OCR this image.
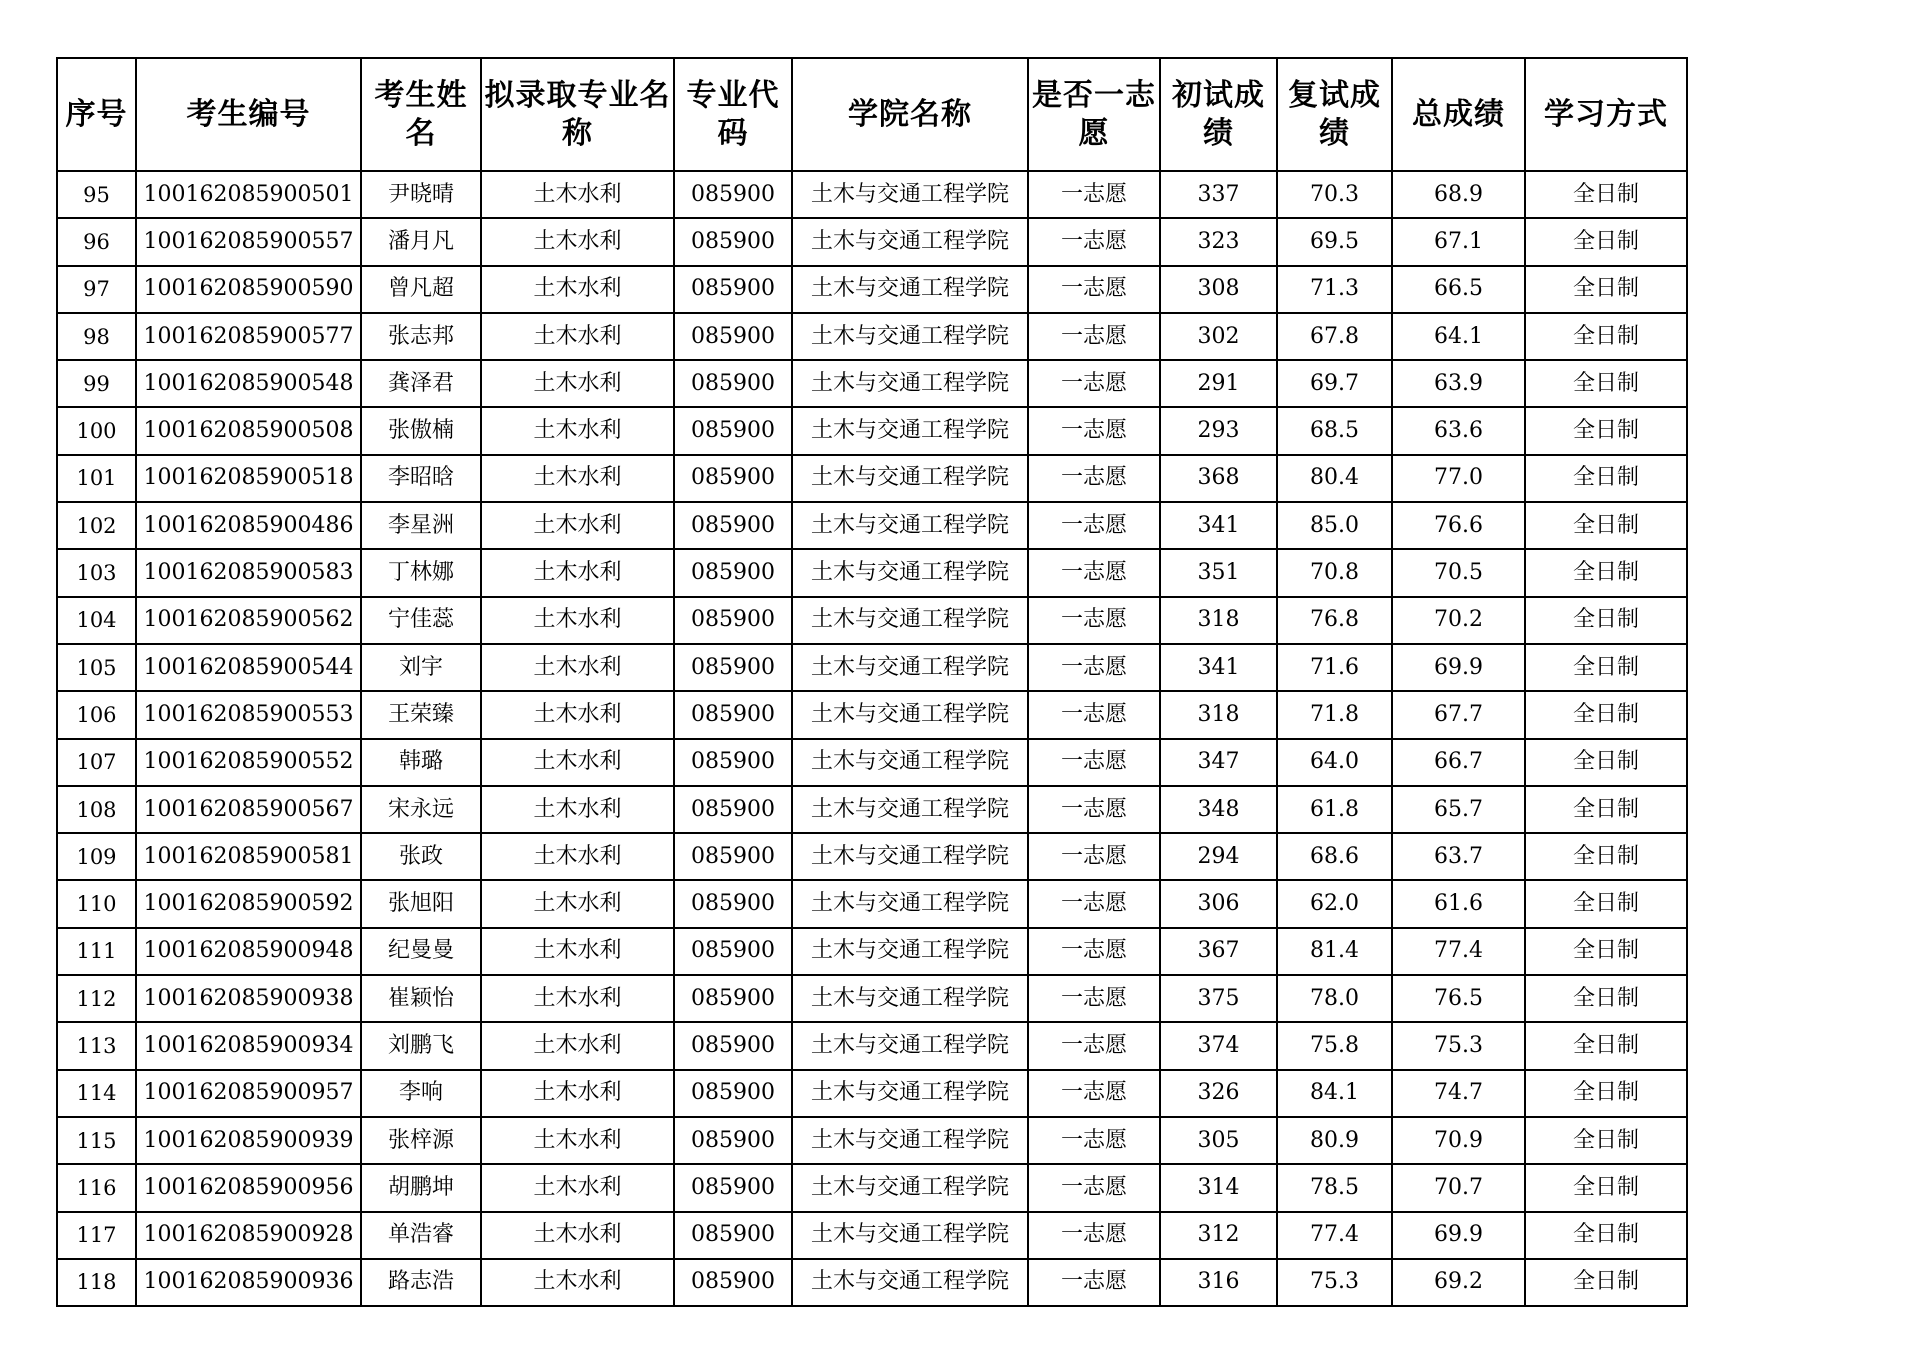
序号	考生编号	考生姓名	拟录取专业名称	专业代码	学院名称	是否一志愿	初试成绩	复试成绩	总成绩	学习方式
95	100162085900501	尹晓晴	土木水利	085900	土木与交通工程学院	一志愿	337	70.3	68.9	全日制
96	100162085900557	潘月凡	土木水利	085900	土木与交通工程学院	一志愿	323	69.5	67.1	全日制
97	100162085900590	曾凡超	土木水利	085900	土木与交通工程学院	一志愿	308	71.3	66.5	全日制
98	100162085900577	张志邦	土木水利	085900	土木与交通工程学院	一志愿	302	67.8	64.1	全日制
99	100162085900548	龚泽君	土木水利	085900	土木与交通工程学院	一志愿	291	69.7	63.9	全日制
100	100162085900508	张傲楠	土木水利	085900	土木与交通工程学院	一志愿	293	68.5	63.6	全日制
101	100162085900518	李昭晗	土木水利	085900	土木与交通工程学院	一志愿	368	80.4	77.0	全日制
102	100162085900486	李星洲	土木水利	085900	土木与交通工程学院	一志愿	341	85.0	76.6	全日制
103	100162085900583	丁林娜	土木水利	085900	土木与交通工程学院	一志愿	351	70.8	70.5	全日制
104	100162085900562	宁佳蕊	土木水利	085900	土木与交通工程学院	一志愿	318	76.8	70.2	全日制
105	100162085900544	刘宇	土木水利	085900	土木与交通工程学院	一志愿	341	71.6	69.9	全日制
106	100162085900553	王荣臻	土木水利	085900	土木与交通工程学院	一志愿	318	71.8	67.7	全日制
107	100162085900552	韩璐	土木水利	085900	土木与交通工程学院	一志愿	347	64.0	66.7	全日制
108	100162085900567	宋永远	土木水利	085900	土木与交通工程学院	一志愿	348	61.8	65.7	全日制
109	100162085900581	张政	土木水利	085900	土木与交通工程学院	一志愿	294	68.6	63.7	全日制
110	100162085900592	张旭阳	土木水利	085900	土木与交通工程学院	一志愿	306	62.0	61.6	全日制
111	100162085900948	纪曼曼	土木水利	085900	土木与交通工程学院	一志愿	367	81.4	77.4	全日制
112	100162085900938	崔颖怡	土木水利	085900	土木与交通工程学院	一志愿	375	78.0	76.5	全日制
113	100162085900934	刘鹏飞	土木水利	085900	土木与交通工程学院	一志愿	374	75.8	75.3	全日制
114	100162085900957	李响	土木水利	085900	土木与交通工程学院	一志愿	326	84.1	74.7	全日制
115	100162085900939	张梓源	土木水利	085900	土木与交通工程学院	一志愿	305	80.9	70.9	全日制
116	100162085900956	胡鹏坤	土木水利	085900	土木与交通工程学院	一志愿	314	78.5	70.7	全日制
117	100162085900928	单浩睿	土木水利	085900	土木与交通工程学院	一志愿	312	77.4	69.9	全日制
118	100162085900936	路志浩	土木水利	085900	土木与交通工程学院	一志愿	316	75.3	69.2	全日制
